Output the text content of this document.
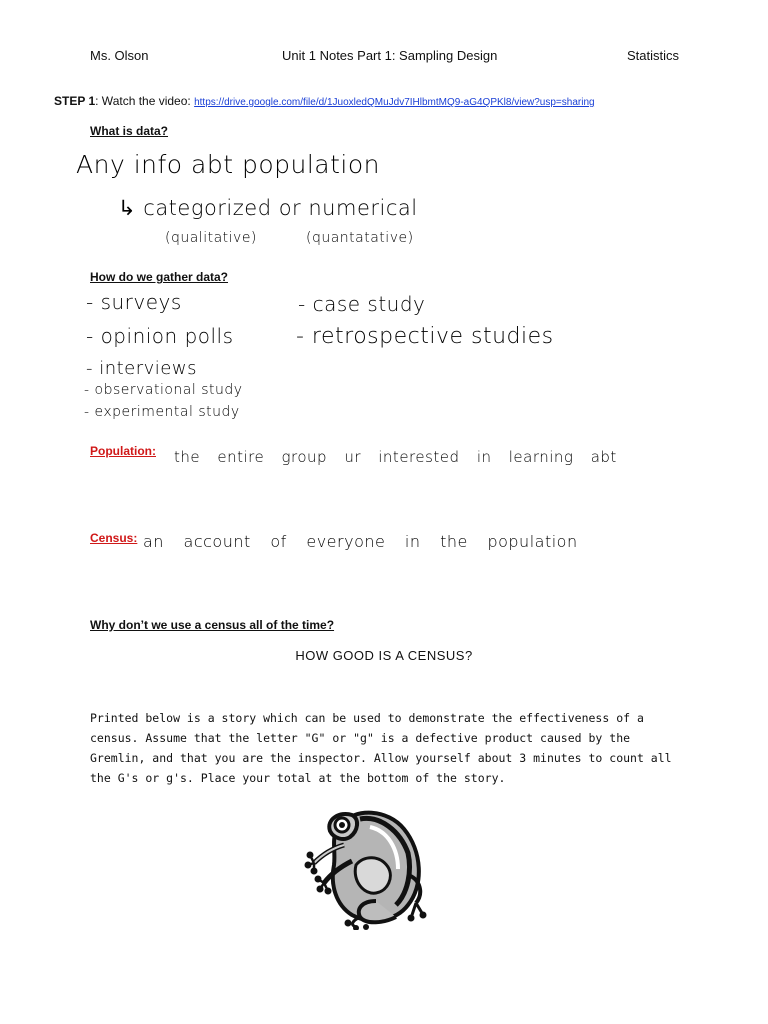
Ms. Olson	Unit 1 Notes Part 1: Sampling Design	Statistics
STEP 1: Watch the video: https://drive.google.com/file/d/1JuoxledQMuJdv7IHlbmtMQ9-aG4QPKl8/view?usp=sharing
What is data?
Any info abt population
↳ categorized or numerical
(qualitative)	(quantatative)
How do we gather data?
- surveys
- opinion polls
- interviews
- observational study
- experimental study
- case study
- retrospective studies
Population: the entire group ur interested in learning abt
Census: an account of everyone in the population
Why don’t we use a census all of the time?
HOW GOOD IS A CENSUS?
Printed below is a story which can be used to demonstrate the effectiveness of a census. Assume that the letter "G" or "g" is a defective product caused by the Gremlin, and that you are the inspector. Allow yourself about 3 minutes to count all the G's or g's. Place your total at the bottom of the story.
